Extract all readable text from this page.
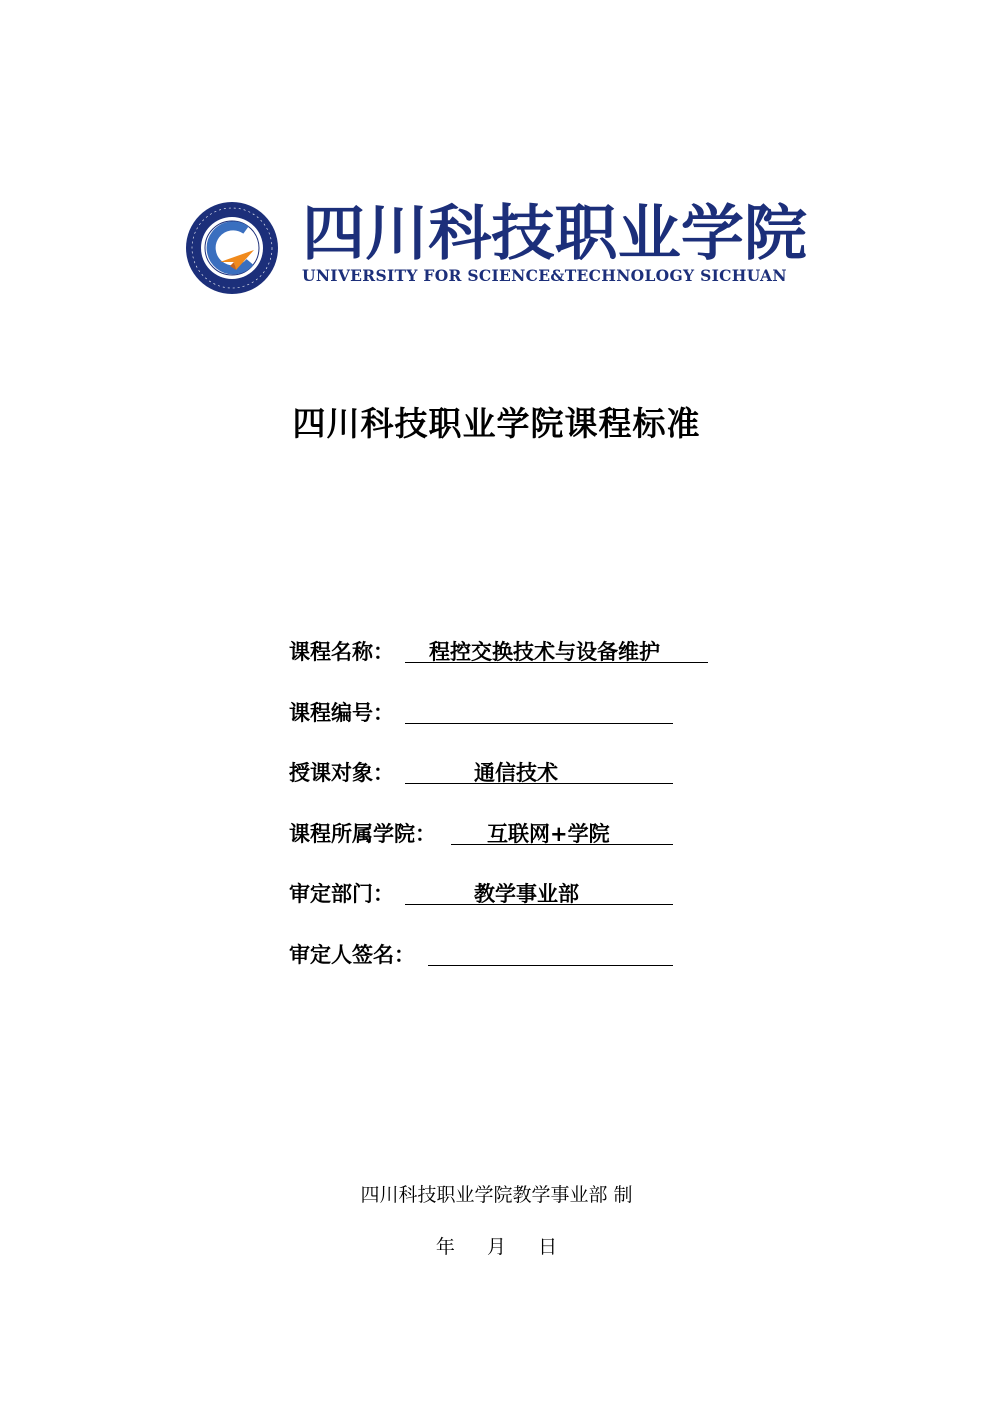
四川科技职业学院
UNIVERSITY FOR SCIENCE&TECHNOLOGY SICHUAN
四川科技职业学院课程标准
课程名称： 程控交换技术与设备维护
课程编号：
授课对象：	通信技术
课程所属学院： 互联网+学院
审定部门：	教学事业部
审定人签名：
四川科技职业学院教学事业部 制
年 月 日
